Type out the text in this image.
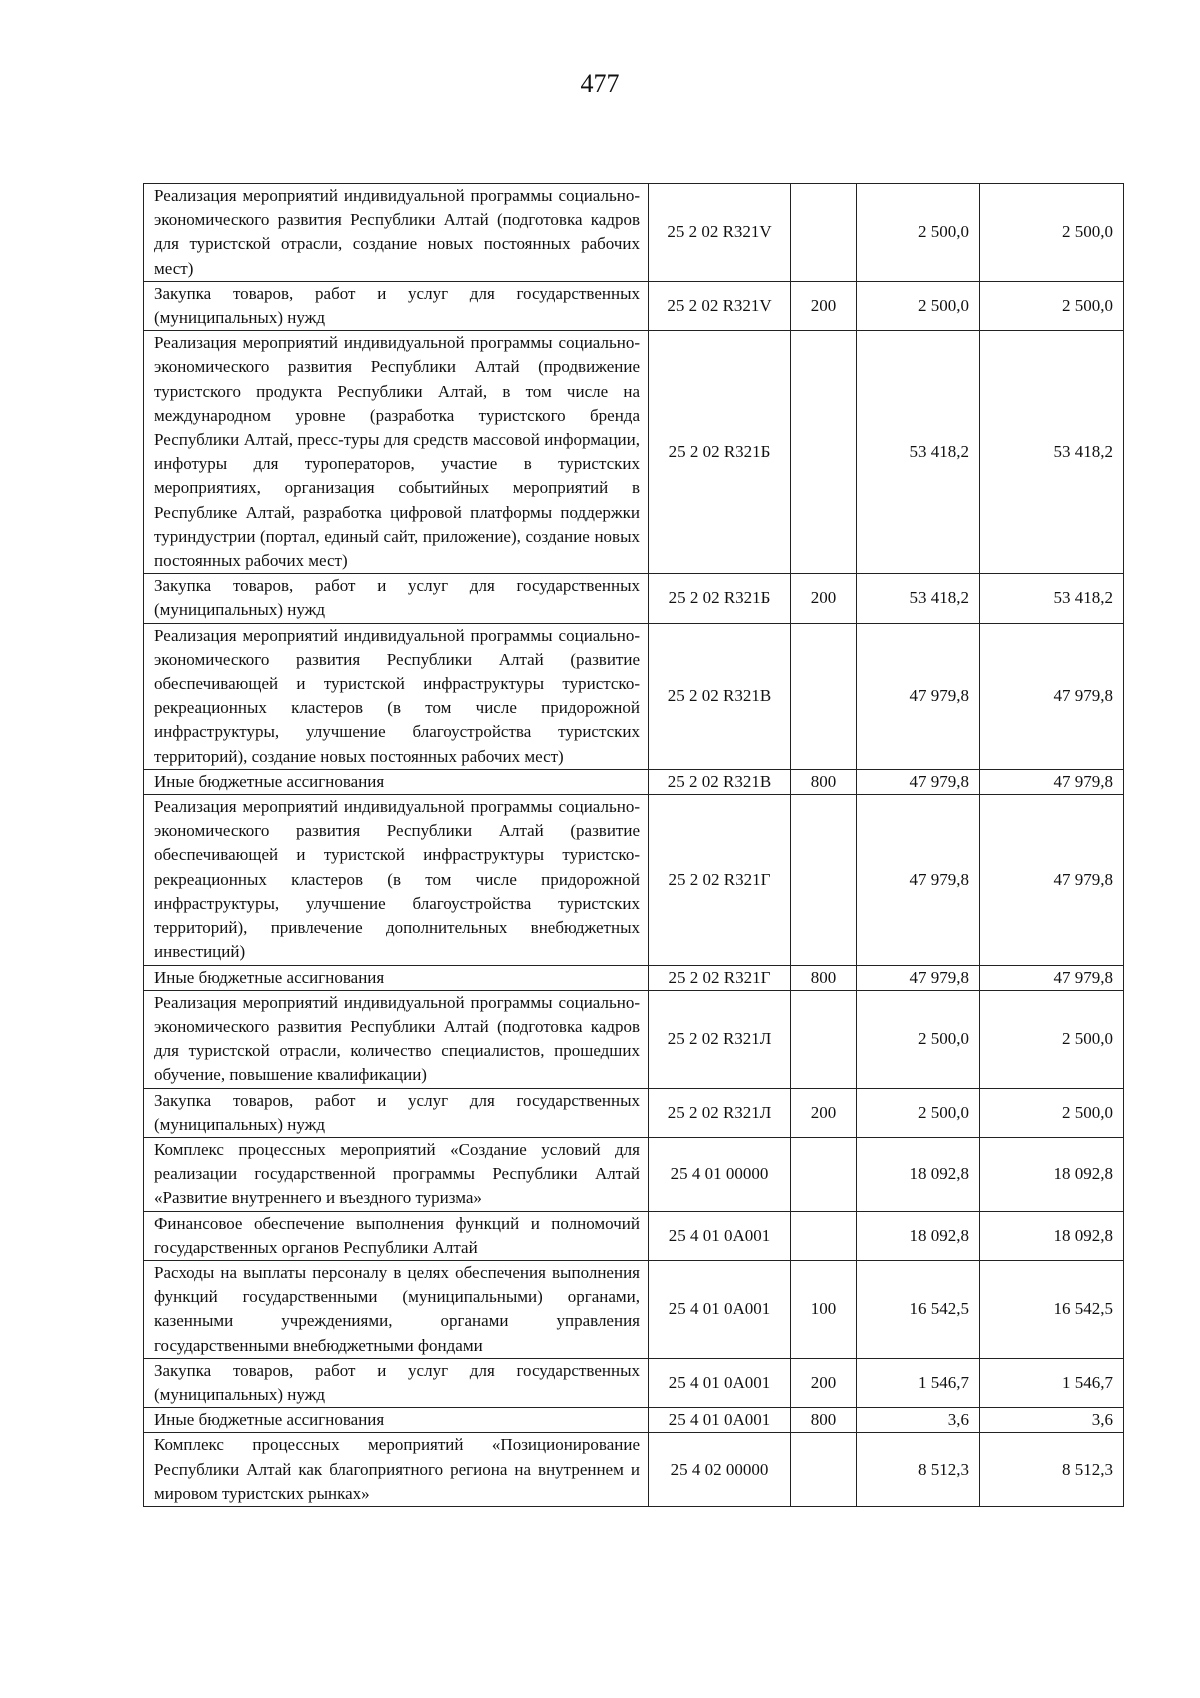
477
Реализация мероприятий индивидуальной программы социально-экономического развития Республики Алтай (подготовка кадров для туристской отрасли, создание новых постоянных рабочих мест)	25 2 02 R321V		2 500,0	2 500,0
Закупка товаров, работ и услуг для государственных (муниципальных) нужд	25 2 02 R321V	200	2 500,0	2 500,0
Реализация мероприятий индивидуальной программы социально-экономического развития Республики Алтай (продвижение туристского продукта Республики Алтай, в том числе на международном уровне (разработка туристского бренда Республики Алтай, пресс-туры для средств массовой информации, инфотуры для туроператоров, участие в туристских мероприятиях, организация событийных мероприятий в Республике Алтай, разработка цифровой платформы поддержки туриндустрии (портал, единый сайт, приложение), создание новых постоянных рабочих мест)	25 2 02 R321Б		53 418,2	53 418,2
Закупка товаров, работ и услуг для государственных (муниципальных) нужд	25 2 02 R321Б	200	53 418,2	53 418,2
Реализация мероприятий индивидуальной программы социально-экономического развития Республики Алтай (развитие обеспечивающей и туристской инфраструктуры туристско-рекреационных кластеров (в том числе придорожной инфраструктуры, улучшение благоустройства туристских территорий), создание новых постоянных рабочих мест)	25 2 02 R321В		47 979,8	47 979,8
Иные бюджетные ассигнования	25 2 02 R321В	800	47 979,8	47 979,8
Реализация мероприятий индивидуальной программы социально-экономического развития Республики Алтай (развитие обеспечивающей и туристской инфраструктуры туристско-рекреационных кластеров (в том числе придорожной инфраструктуры, улучшение благоустройства туристских территорий), привлечение дополнительных внебюджетных инвестиций)	25 2 02 R321Г		47 979,8	47 979,8
Иные бюджетные ассигнования	25 2 02 R321Г	800	47 979,8	47 979,8
Реализация мероприятий индивидуальной программы социально-экономического развития Республики Алтай (подготовка кадров для туристской отрасли, количество специалистов, прошедших обучение, повышение квалификации)	25 2 02 R321Л		2 500,0	2 500,0
Закупка товаров, работ и услуг для государственных (муниципальных) нужд	25 2 02 R321Л	200	2 500,0	2 500,0
Комплекс процессных мероприятий «Создание условий для реализации государственной программы Республики Алтай «Развитие внутреннего и въездного туризма»	25 4 01 00000		18 092,8	18 092,8
Финансовое обеспечение выполнения функций и полномочий государственных органов Республики Алтай	25 4 01 0А001		18 092,8	18 092,8
Расходы на выплаты персоналу в целях обеспечения выполнения функций государственными (муниципальными) органами, казенными учреждениями, органами управления государственными внебюджетными фондами	25 4 01 0А001	100	16 542,5	16 542,5
Закупка товаров, работ и услуг для государственных (муниципальных) нужд	25 4 01 0А001	200	1 546,7	1 546,7
Иные бюджетные ассигнования	25 4 01 0А001	800	3,6	3,6
Комплекс процессных мероприятий «Позиционирование Республики Алтай как благоприятного региона на внутреннем и мировом туристских рынках»	25 4 02 00000		8 512,3	8 512,3
